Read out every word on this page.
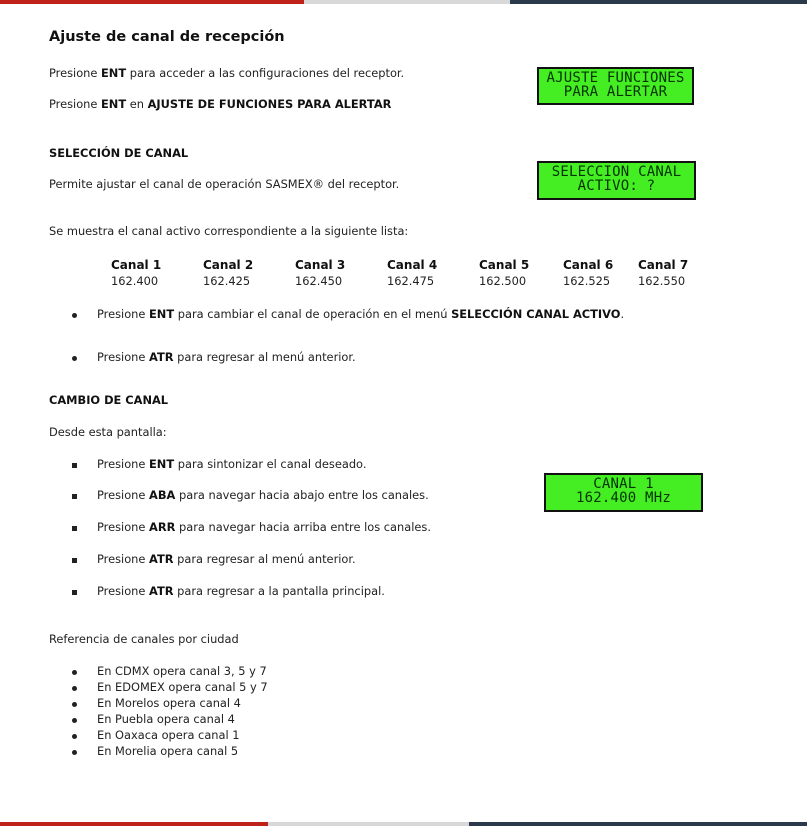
Ajuste de canal de recepción
Presione ENT para acceder a las configuraciones del receptor.
Presione ENT en AJUSTE DE FUNCIONES PARA ALERTAR
AJUSTE FUNCIONES
PARA ALERTAR
SELECCIÓN DE CANAL
Permite ajustar el canal de operación SASMEX® del receptor.
SELECCION CANAL
ACTIVO: ?
Se muestra el canal activo correspondiente a la siguiente lista:
Canal 1
162.400
Canal 2
162.425
Canal 3
162.450
Canal 4
162.475
Canal 5
162.500
Canal 6
162.525
Canal 7
162.550
Presione ENT para cambiar el canal de operación en el menú SELECCIÓN CANAL ACTIVO.
Presione ATR para regresar al menú anterior.
CAMBIO DE CANAL
Desde esta pantalla:
Presione ENT para sintonizar el canal deseado.
Presione ABA para navegar hacia abajo entre los canales.
Presione ARR para navegar hacia arriba entre los canales.
Presione ATR para regresar al menú anterior.
Presione ATR para regresar a la pantalla principal.
CANAL 1
162.400 MHz
Referencia de canales por ciudad
En CDMX opera canal 3, 5 y 7
En EDOMEX opera canal 5 y 7
En Morelos opera canal 4
En Puebla opera canal 4
En Oaxaca opera canal 1
En Morelia opera canal 5
